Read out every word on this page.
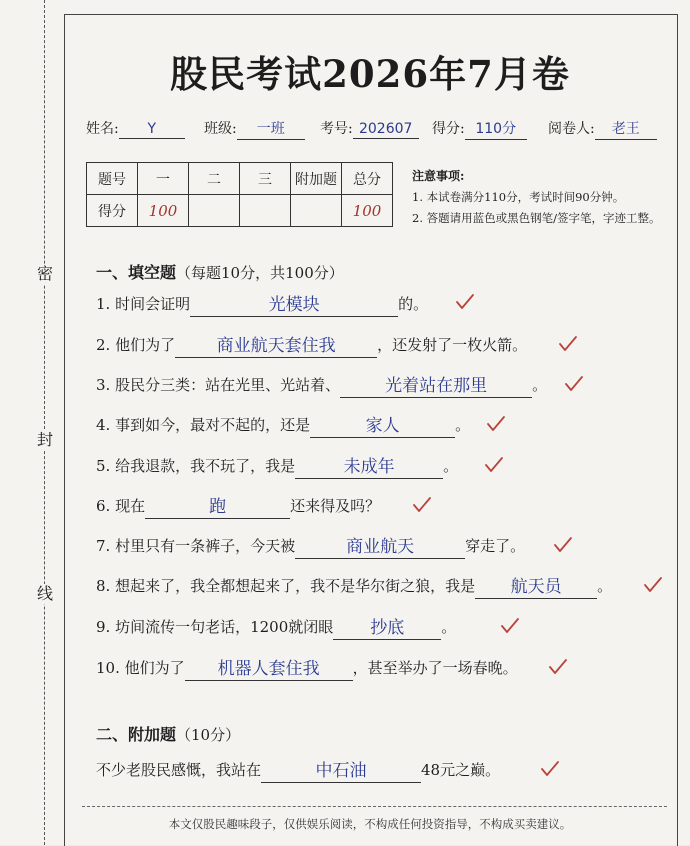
密
封
线
股民考试2026年7月卷
姓名: Y	班级: 一班	考号: 202607	得分: 110分	阅卷人: 老王
题号	一	二	三	附加题	总分
得分	100				100
注意事项:
1. 本试卷满分110分，考试时间90分钟。
2. 答题请用蓝色或黑色钢笔/签字笔，字迹工整。
一、填空题（每题10分，共100分）
1. 时间会证明	光模块	的。
2. 他们为了 商业航天套住我	，还发射了一枚火箭。
3. 股民分三类：站在光里、光站着、	光着站在那里	。
4. 事到如今，最对不起的，还是	家人	。
5. 给我退款，我不玩了，我是	未成年	。
6. 现在	跑	还来得及吗？
7. 村里只有一条裤子，今天被	商业航天	穿走了。
8. 想起来了，我全都想起来了，我不是华尔街之狼，我是 航天员 。
9. 坊间流传一句老话，1200就闭眼 抄底 。
10. 他们为了 机器人套住我 ，甚至举办了一场春晚。
二、附加题（10分）
不少老股民感慨，我站在	中石油	48元之巅。
本文仅股民趣味段子，仅供娱乐阅读，不构成任何投资指导，不构成买卖建议。
